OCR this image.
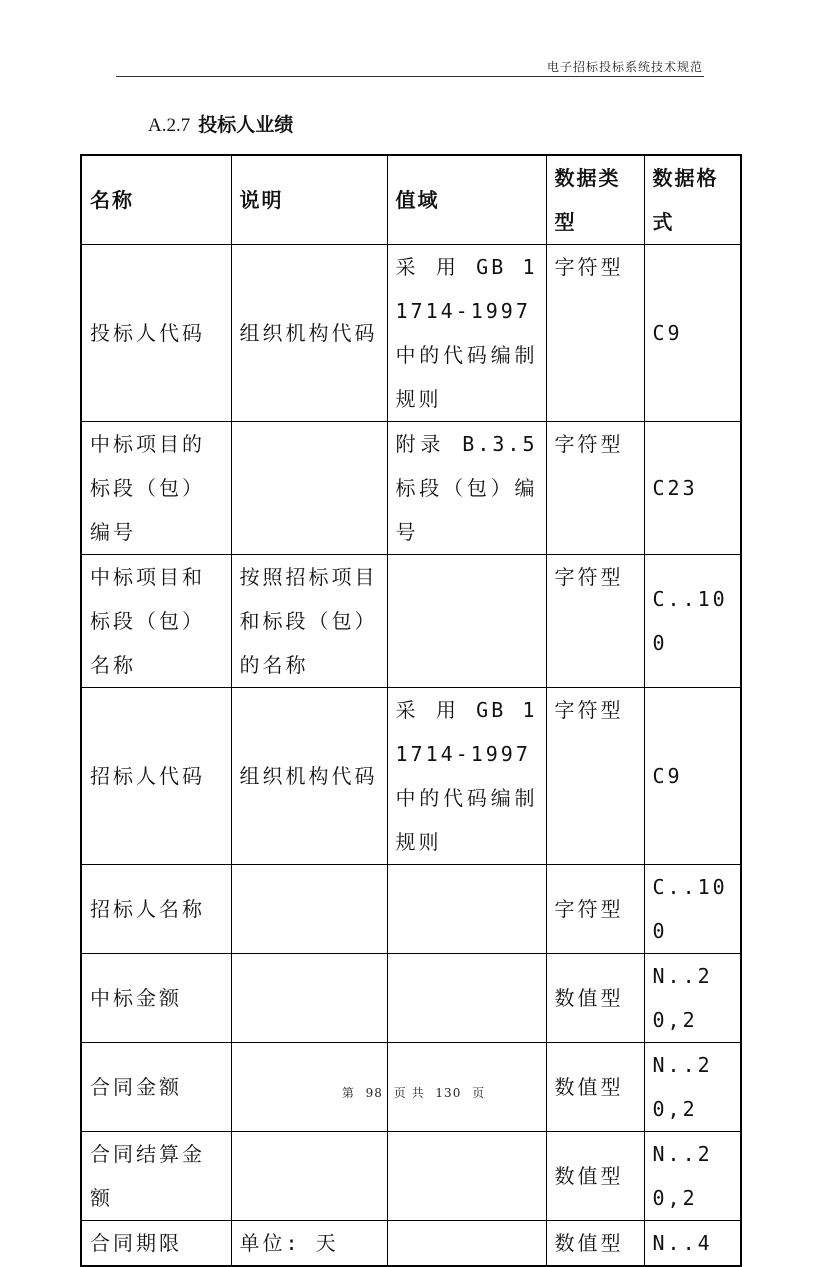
电子招标投标系统技术规范
A.2.7 投标人业绩
名称	说明	值域	数据类型	数据格式
投标人代码	组织机构代码	采 用 GB 11714-1997 中的代码编制规则	字符型	C9
中标项目的标段（包）编号		附录 B.3.5 标段（包）编号	字符型	C23
中标项目和标段（包）名称	按照招标项目和标段（包）的名称		字符型	C..100
招标人代码	组织机构代码	采 用 GB 11714-1997 中的代码编制规则	字符型	C9
招标人名称			字符型	C..100
中标金额			数值型	N..20,2
合同金额			数值型	N..20,2
合同结算金额			数值型	N..20,2
合同期限	单位: 天		数值型	N..4
第 98 页 共 130 页
